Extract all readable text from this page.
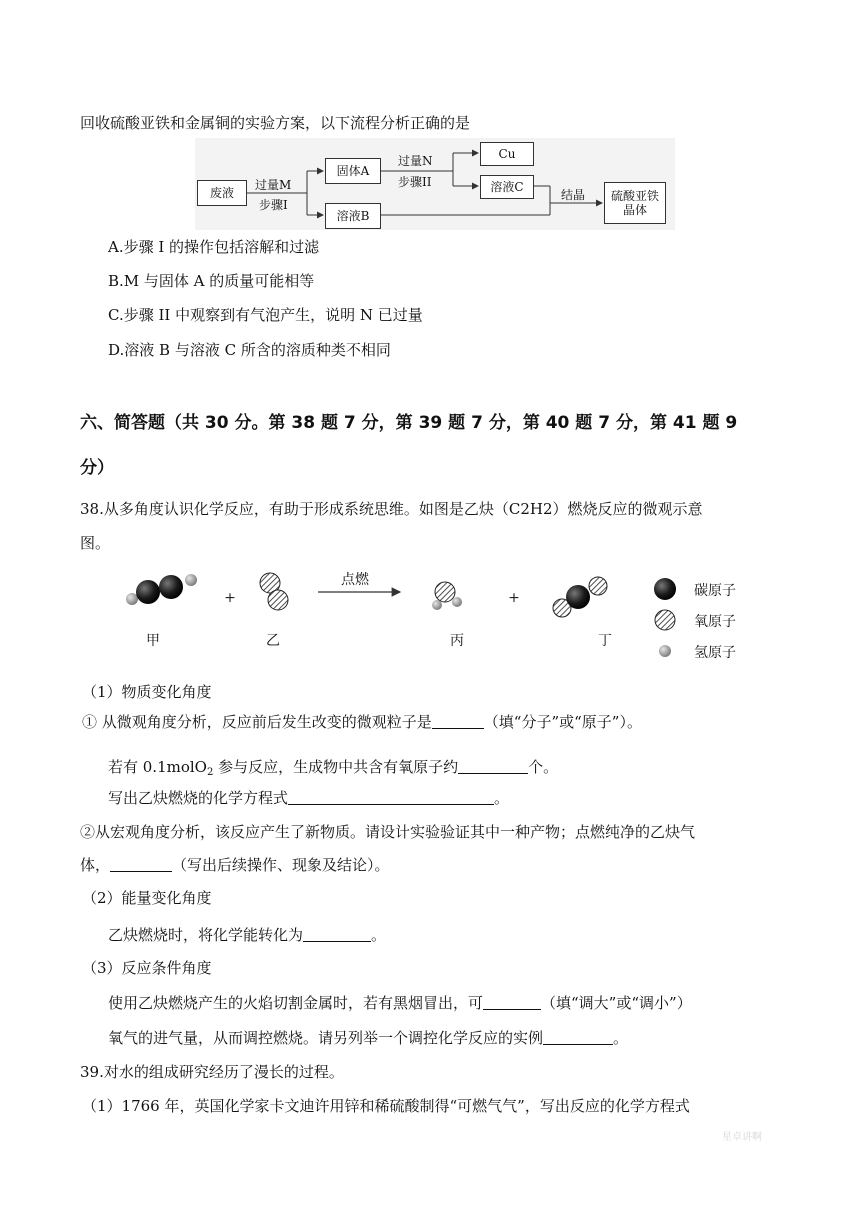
回收硫酸亚铁和金属铜的实验方案，以下流程分析正确的是
废液
过量M
步骤I
固体A
溶液B
过量N
步骤II
Cu
溶液C
结晶 硫酸亚铁
晶体
A.步骤 I 的操作包括溶解和过滤
B.M 与固体 A 的质量可能相等
C.步骤 II 中观察到有气泡产生，说明 N 已过量
D.溶液 B 与溶液 C 所含的溶质种类不相同
六、简答题（共 30 分。第 38 题 7 分，第 39 题 7 分，第 40 题 7 分，第 41 题 9
分）
38.从多角度认识化学反应，有助于形成系统思维。如图是乙炔（C2H2）燃烧反应的微观示意
图。
+
点燃
+
甲	乙	丙	丁
碳原子
氧原子
氢原子
（1）物质变化角度
① 从微观角度分析，反应前后发生改变的微观粒子是	（填“分子”或“原子”）。
若有 0.1molO$_2$ 参与反应，生成物中共含有氧原子约	个。
写出乙炔燃烧的化学方程式	。
②从宏观角度分析，该反应产生了新物质。请设计实验验证其中一种产物；点燃纯净的乙炔气
体，	（写出后续操作、现象及结论）。
（2）能量变化角度
乙炔燃烧时，将化学能转化为	。
（3）反应条件角度
使用乙炔燃烧产生的火焰切割金属时，若有黑烟冒出，可	（填“调大”或“调小”）
氧气的进气量，从而调控燃烧。请另列举一个调控化学反应的实例	。
39.对水的组成研究经历了漫长的过程。
（1）1766 年，英国化学家卡文迪许用锌和稀硫酸制得“可燃气气”，写出反应的化学方程式
星卓讲啊
